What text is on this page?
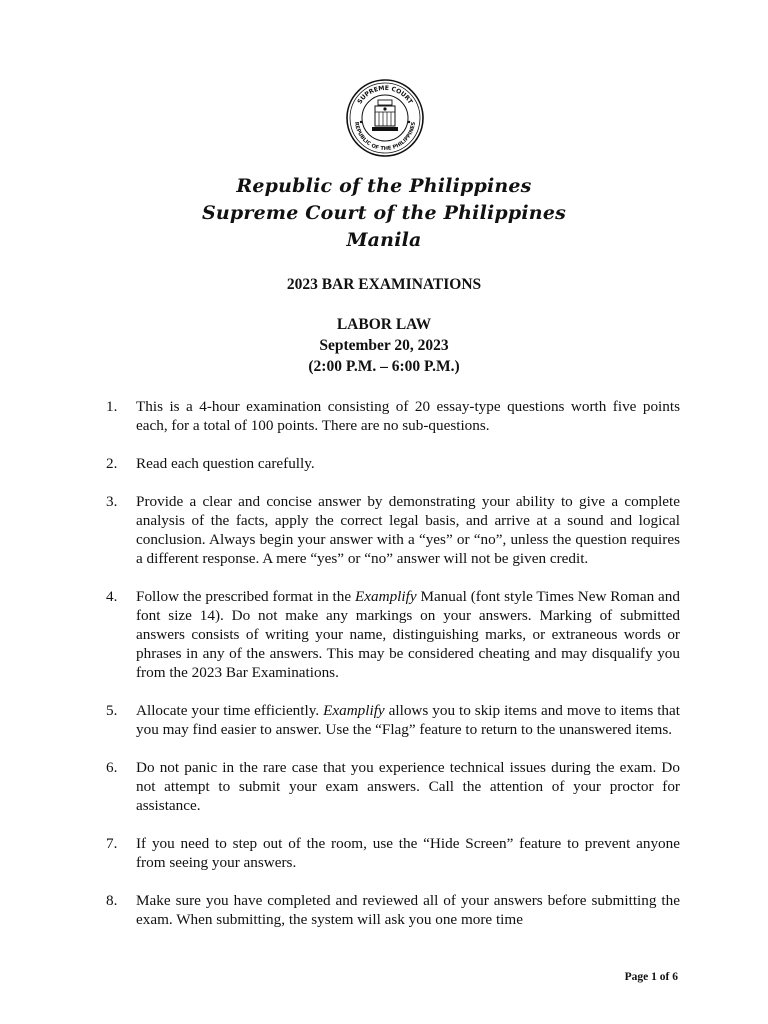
SUPREME COURT
REPUBLIC OF THE PHILIPPINES
Republic of the Philippines
Supreme Court of the Philippines
Manila
2023 BAR EXAMINATIONS
LABOR LAW
September 20, 2023
(2:00 P.M. – 6:00 P.M.)
1.	This is a 4-hour examination consisting of 20 essay-type questions worth five points each, for a total of 100 points. There are no sub-questions.
2.	Read each question carefully.
3.	Provide a clear and concise answer by demonstrating your ability to give a complete analysis of the facts, apply the correct legal basis, and arrive at a sound and logical conclusion. Always begin your answer with a “yes” or “no”, unless the question requires a different response. A mere “yes” or “no” answer will not be given credit.
4.	Follow the prescribed format in the Examplify Manual (font style Times New Roman and font size 14). Do not make any markings on your answers. Marking of submitted answers consists of writing your name, distinguishing marks, or extraneous words or phrases in any of the answers. This may be considered cheating and may disqualify you from the 2023 Bar Examinations.
5.	Allocate your time efficiently. Examplify allows you to skip items and move to items that you may find easier to answer. Use the “Flag” feature to return to the unanswered items.
6.	Do not panic in the rare case that you experience technical issues during the exam. Do not attempt to submit your exam answers. Call the attention of your proctor for assistance.
7.	If you need to step out of the room, use the “Hide Screen” feature to prevent anyone from seeing your answers.
8.	Make sure you have completed and reviewed all of your answers before submitting the exam. When submitting, the system will ask you one more time
Page 1 of 6
